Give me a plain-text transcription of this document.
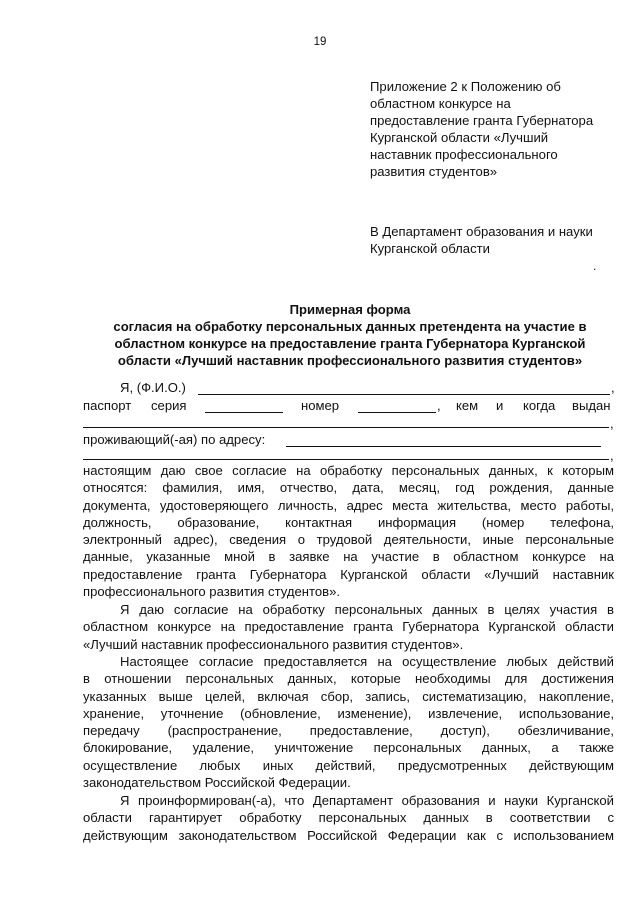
19
Приложение 2 к Положению об
областном конкурсе на
предоставление гранта Губернатора
Курганской области «Лучший
наставник профессионального
развития студентов»
В Департамент образования и науки
Курганской области
.
Примерная форма
согласия на обработку персональных данных претендента на участие в
областном конкурсе на предоставление гранта Губернатора Курганской
области «Лучший наставник профессионального развития студентов»
Я, (Ф.И.О.)	,
паспорт серия	номер	, кем и когда выдан
,
проживающий(-ая) по адресу:
,
настоящим даю свое согласие на обработку персональных данных, к которым
относятся: фамилия, имя, отчество, дата, месяц, год рождения, данные
документа, удостоверяющего личность, адрес места жительства, место работы,
должность, образование, контактная информация (номер телефона,
электронный адрес), сведения о трудовой деятельности, иные персональные
данные, указанные мной в заявке на участие в областном конкурсе на
предоставление гранта Губернатора Курганской области «Лучший наставник
профессионального развития студентов».
Я даю согласие на обработку персональных данных в целях участия в
областном конкурсе на предоставление гранта Губернатора Курганской области
«Лучший наставник профессионального развития студентов».
Настоящее согласие предоставляется на осуществление любых действий
в отношении персональных данных, которые необходимы для достижения
указанных выше целей, включая сбор, запись, систематизацию, накопление,
хранение, уточнение (обновление, изменение), извлечение, использование,
передачу (распространение, предоставление, доступ), обезличивание,
блокирование, удаление, уничтожение персональных данных, а также
осуществление любых иных действий, предусмотренных действующим
законодательством Российской Федерации.
Я проинформирован(-а), что Департамент образования и науки Курганской
области гарантирует обработку персональных данных в соответствии с
действующим законодательством Российской Федерации как с использованием
